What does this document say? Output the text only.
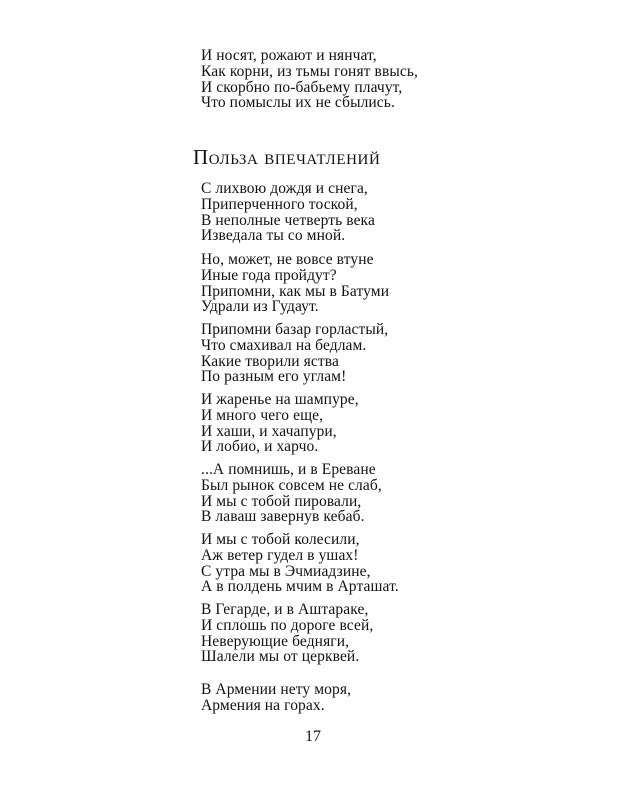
И носят, рожают и нянчат,
Как корни, из тьмы гонят ввысь,
И скорбно по-бабьему плачут,
Что помыслы их не сбылись.
Польза впечатлений
С лихвою дождя и снега,
Приперченного тоской,
В неполные четверть века
Изведала ты со мной.
Но, может, не вовсе втуне
Иные года пройдут?
Припомни, как мы в Батуми
Удрали из Гудаут.
Припомни базар горластый,
Что смахивал на бедлам.
Какие творили яства
По разным его углам!
И жаренье на шампуре,
И много чего еще,
И хаши, и хачапури,
И лобио, и харчо.
...А помнишь, и в Ереване
Был рынок совсем не слаб,
И мы с тобой пировали,
В лаваш завернув кебаб.
И мы с тобой колесили,
Аж ветер гудел в ушах!
С утра мы в Эчмиадзине,
А в полдень мчим в Арташат.
В Гегарде, и в Аштараке,
И сплошь по дороге всей,
Неверующие бедняги,
Шалели мы от церквей.
В Армении нету моря,
Армения на горах.
17
